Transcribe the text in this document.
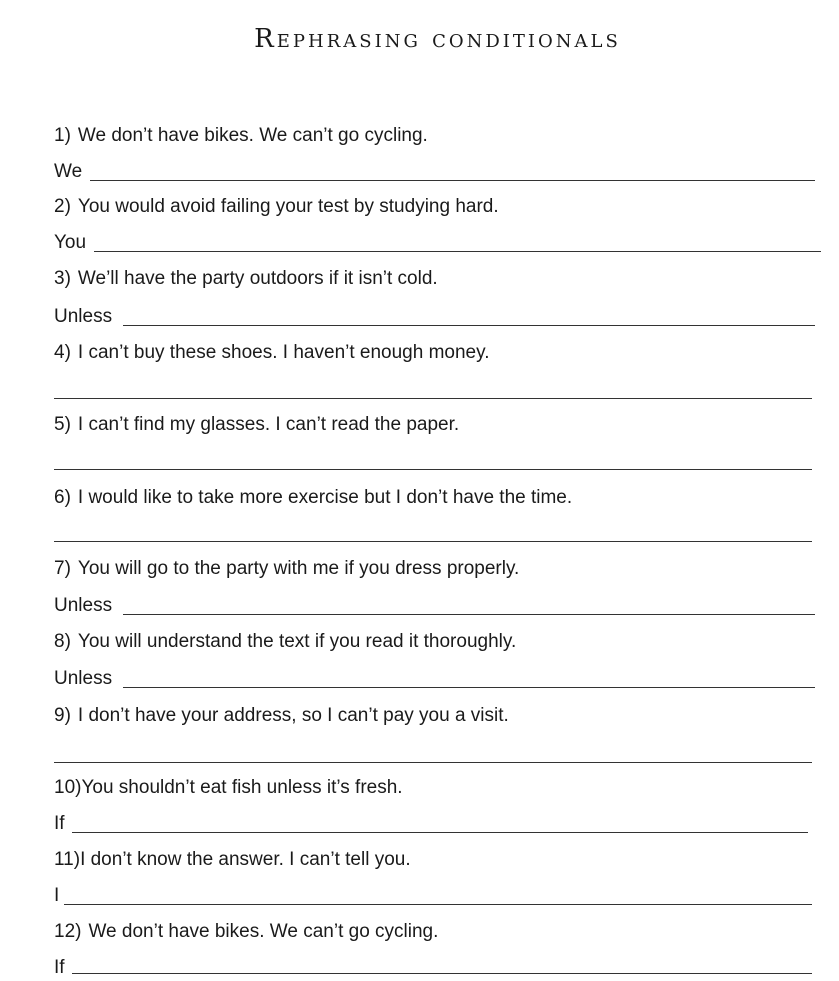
Rephrasing conditionals
1) We don’t have bikes. We can’t go cycling.
We
2) You would avoid failing your test by studying hard.
You
3) We’ll have the party outdoors if it isn’t cold.
Unless
4) I can’t buy these shoes. I haven’t enough money.
5) I can’t find my glasses. I can’t read the paper.
6) I would like to take more exercise but I don’t have the time.
7) You will go to the party with me if you dress properly.
Unless
8) You will understand the text if you read it thoroughly.
Unless
9) I don’t have your address, so I can’t pay you a visit.
10)You shouldn’t eat fish unless it’s fresh.
If
11)I don’t know the answer. I can’t tell you.
I
12) We don’t have bikes. We can’t go cycling.
If
